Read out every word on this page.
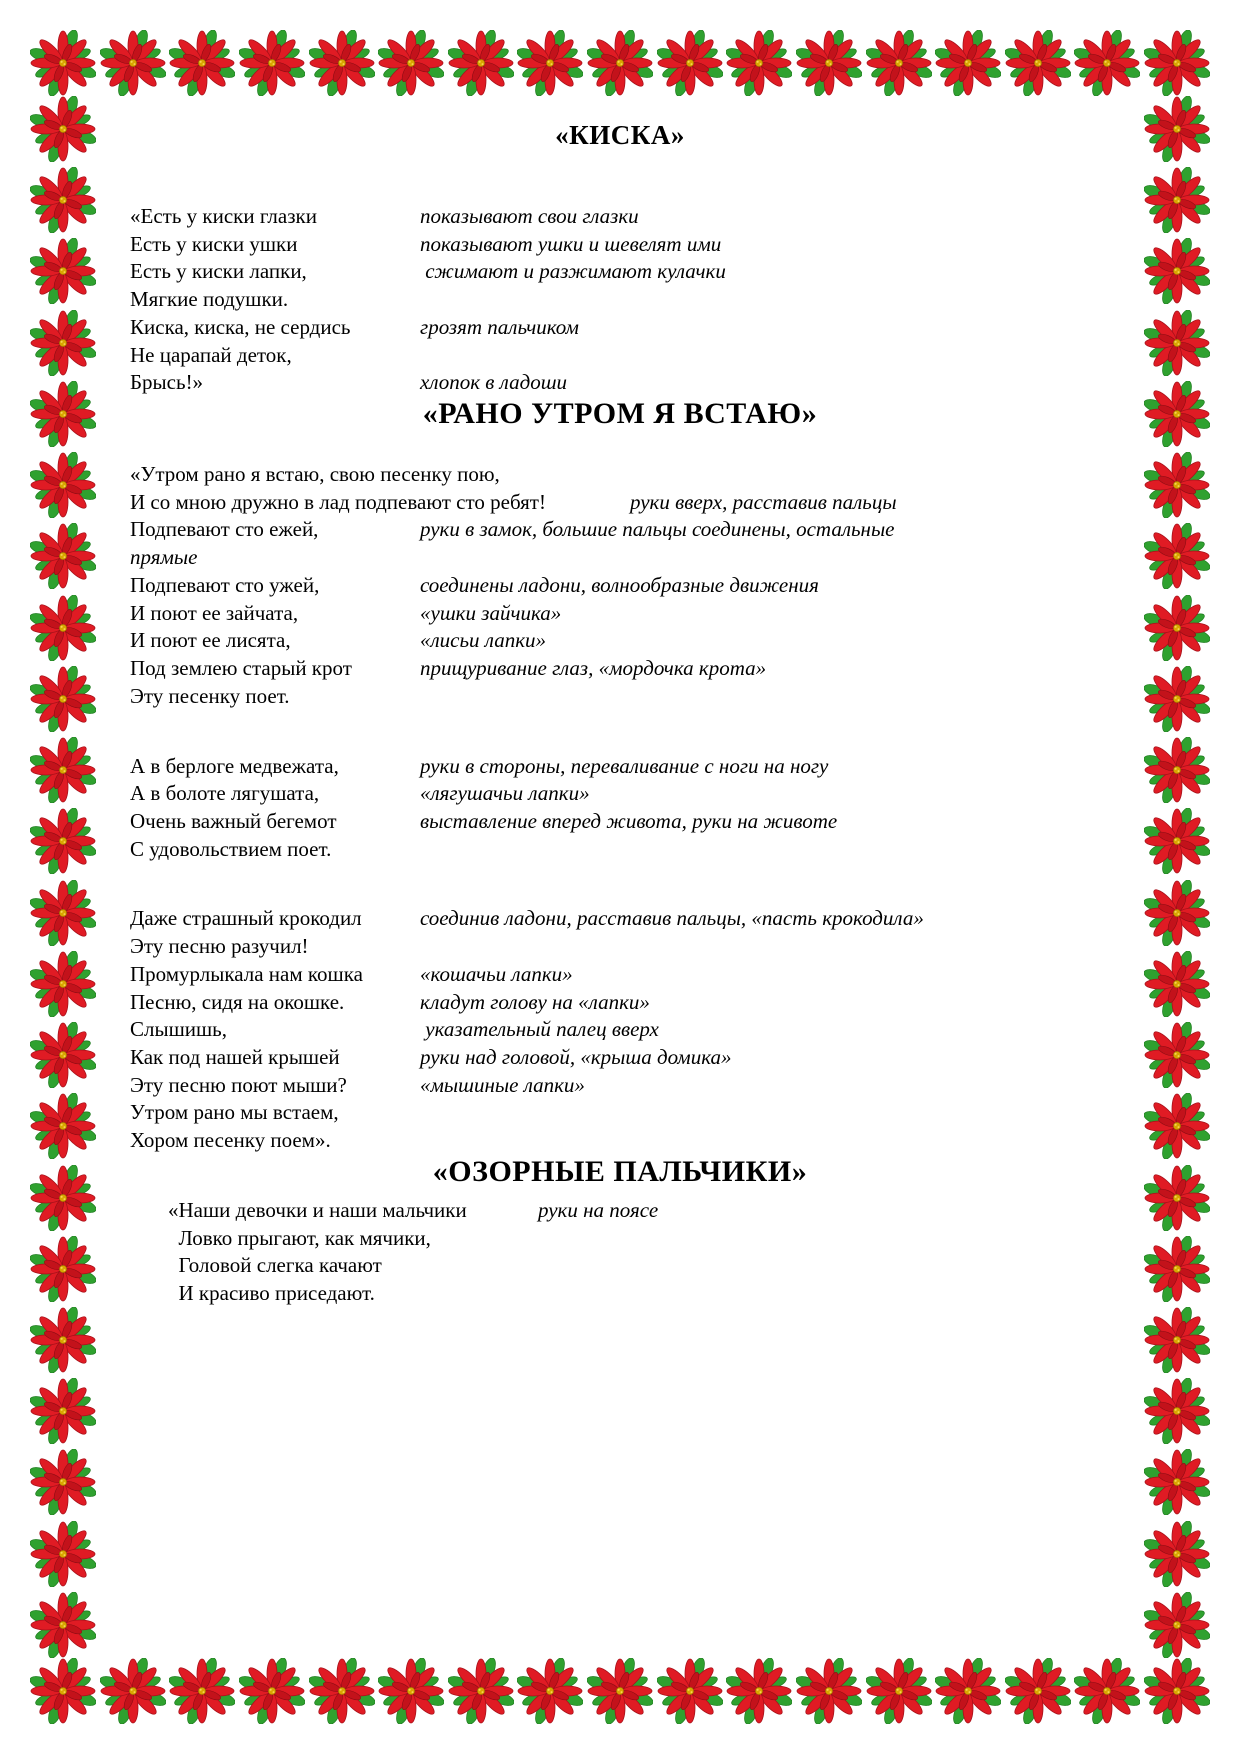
«КИСКА»
«Есть у киски глазки	показывают свои глазки
Есть у киски ушки	показывают ушки и шевелят ими
Есть у киски лапки,	сжимают и разжимают кулачки
Мягкие подушки.
Киска, киска, не сердись	грозят пальчиком
Не царапай деток,
Брысь!»	хлопок в ладоши
«РАНО УТРОМ Я ВСТАЮ»
«Утром рано я встаю, свою песенку пою,
И со мною дружно в лад подпевают сто ребят!	руки вверх, расставив пальцы
Подпевают сто ежей,	руки в замок, большие пальцы соединены, остальные
прямые
Подпевают сто ужей,	соединены ладони, волнообразные движения
И поют ее зайчата,	«ушки зайчика»
И поют ее лисята,	«лисьи лапки»
Под землею старый крот	прищуривание глаз, «мордочка крота»
Эту песенку поет.
А в берлоге медвежата,	руки в стороны, переваливание с ноги на ногу
А в болоте лягушата,	«лягушачьи лапки»
Очень важный бегемот	выставление вперед живота, руки на животе
С удовольствием поет.
Даже страшный крокодил	соединив ладони, расставив пальцы, «пасть крокодила»
Эту песню разучил!
Промурлыкала нам кошка	«кошачьи лапки»
Песню, сидя на окошке.	кладут голову на «лапки»
Слышишь,	указательный палец вверх
Как под нашей крышей	руки над головой, «крыша домика»
Эту песню поют мыши?	«мышиные лапки»
Утром рано мы встаем,
Хором песенку поем».
«ОЗОРНЫЕ ПАЛЬЧИКИ»
«Наши девочки и наши мальчики	руки на поясе
Ловко прыгают, как мячики,
Головой слегка качают
И красиво приседают.
